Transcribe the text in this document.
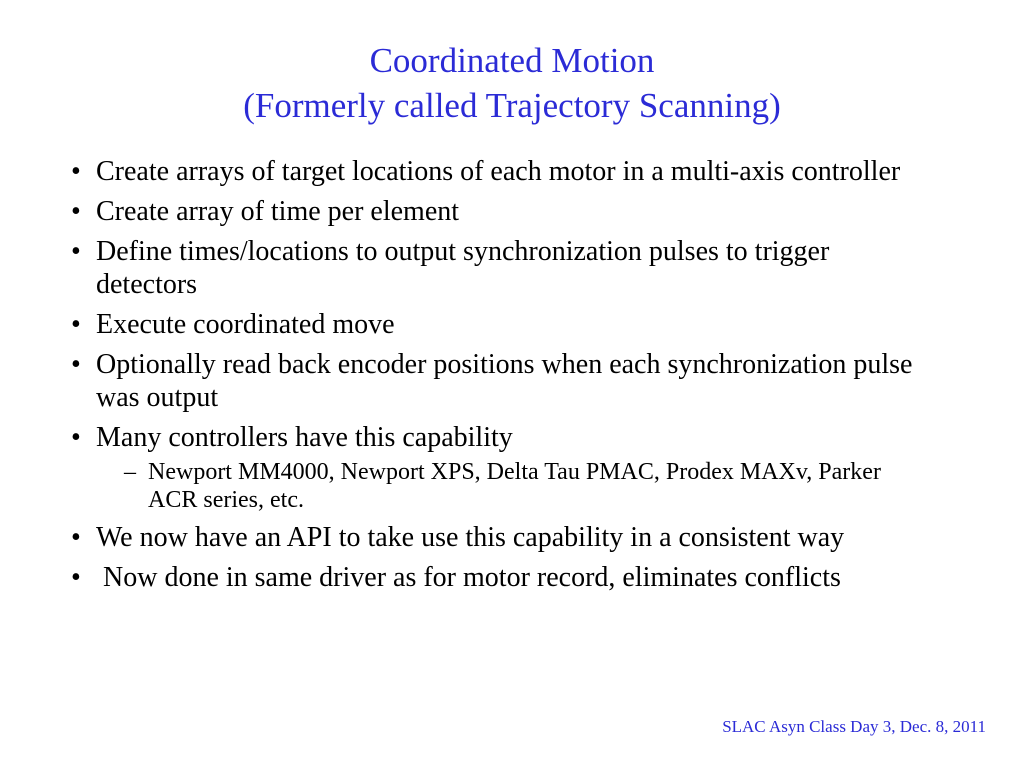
Coordinated Motion
(Formerly called Trajectory Scanning)
• Create arrays of target locations of each motor in a multi-axis controller
• Create array of time per element
• Define times/locations to output synchronization pulses to trigger detectors
• Execute coordinated move
• Optionally read back encoder positions when each synchronization pulse was output
• Many controllers have this capability
– Newport MM4000, Newport XPS, Delta Tau PMAC, Prodex MAXv, Parker ACR series, etc.
• We now have an API to take use this capability in a consistent way
• Now done in same driver as for motor record, eliminates conflicts
SLAC Asyn Class Day 3, Dec. 8, 2011
